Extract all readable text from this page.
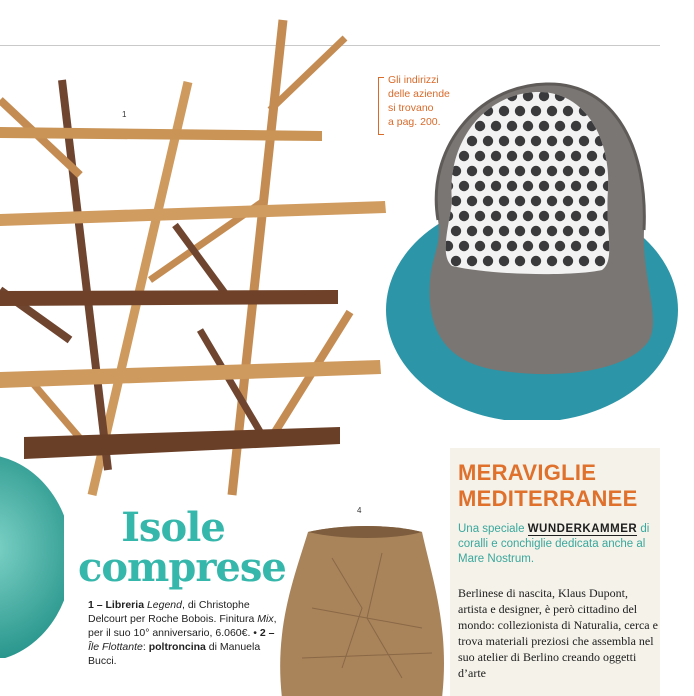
1
Gli indirizzi
delle aziende
si trovano
a pag. 200.
Isole
comprese
1 – Libreria Legend, di Christophe Delcourt per Roche Bobois. Finitura Mix, per il suo 10° anniversario, 6.060€. • 2 – Île Flottante: poltroncina di Manuela Bucci.
4
MERAVIGLIE
MEDITERRANEE
Una speciale WUNDERKAMMER di coralli e conchiglie dedicata anche al Mare Nostrum.
Berlinese di nascita, Klaus Dupont, artista e designer, è però cittadino del mondo: collezionista di Naturalia, cerca e trova materiali preziosi che assembla nel suo atelier di Berlino creando oggetti d’arte
